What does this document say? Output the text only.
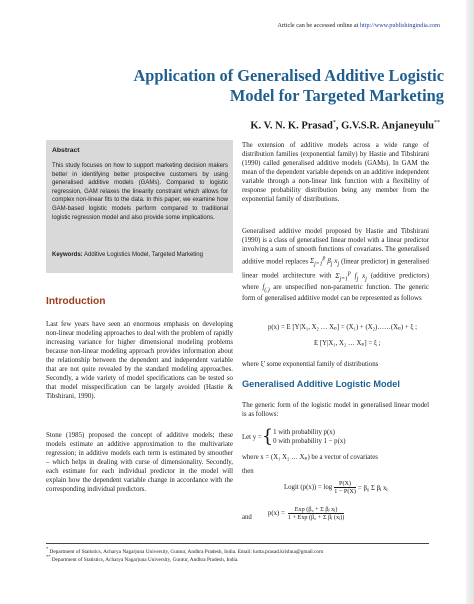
Article can be accessed online at http://www.publishingindia.com
Application of Generalised Additive Logistic
Model for Targeted Marketing
K. V. N. K. Prasad*, G.V.S.R. Anjaneyulu**
Abstract
This study focuses on how to support marketing decision makers better in identifying better prospective customers by using generalised additive models (GAMs). Compared to logistic regression, GAM relaxes the linearity constraint which allows for complex non-linear fits to the data. In this paper, we examine how GAM-based logistic models perform compared to traditional logistic regression model and also provide some implications.
Keywords: Additive Logistics Model, Targeted Marketing
Introduction
Last few years have seen an enormous emphasis on developing non-linear modeling approaches to deal with the problem of rapidly increasing variance for higher dimensional modeling problems because non-linear modeling approach provides information about the relationship between the dependent and independent variable that are not quite revealed by the standard modeling approaches. Secondly, a wide variety of model specifications can be tested so that model misspecification can be largely avoided (Hastie & Tibshirani, 1990).
Stone (1985) proposed the concept of additive models; these models estimate an additive approximation to the multivariate regression; in additive models each term is estimated by smoother – which helps in dealing with curse of dimensionality. Secondly, each estimate for each individual predictor in the model will explain how the dependent variable change in accordance with the corresponding individual predictors.
The extension of additive models across a wide range of distribution families (exponential family) by Hastie and Tibshirani (1990) called generalised additive models (GAMs). In GAM the mean of the dependent variable depends on an additive independent variable through a non-linear link function with a flexibility of response probability distribution being any member from the exponential family of distributions.
Generalised additive model proposed by Hastie and Tibshirani (1990) is a class of generalised linear model with a linear predictor involving a sum of smooth functions of covariates. The generalised additive model replaces $\Sigma_{j=1}^p$ $\beta_j$ $x_j$ (linear predictor) in generalised linear model architecture with $\Sigma_{j=1}^p$ $f_j$ $x_j$ (additive predictors) where $f_{(.)}$ are unspecified non-parametric function. The generic form of generalised additive model can be represented as follows
p(x) = E [Y|X₁, X₂ … Xₚ] = (X₁) + (X₂)……(Xₚ) + ξ ;
E [Y|X₁, X₂ … Xₚ] = ξ ;
where ξ' some exponential family of distributions
Generalised Additive Logistic Model
The generic form of the logistic model in generalised linear model is as follows:
Let y = { 1 with probability p(x)
0 with probability 1 − p(x)
where x = (X₁ X₂ … Xₚ) be a vector of covariates
then
Logit $(p(x)) = \log \frac{P(X)}{1 - P(X)} = \beta_0$ Σ βⱼ xⱼ
and
$p(x) = \frac{\text{Exp (β₀ + Σ βⱼ xⱼ)}}{\text{1 + Exp (β₀ + Σ βⱼ (xⱼ))}}$
* Department of Statistics, Acharya Nagarjuna University, Guntur, Andhra Pradesh, India. Email: kotta.prasad.krishna@gmail.com
** Department of Statistics, Acharya Nagarjuna University, Guntur, Andhra Pradesh, India.
